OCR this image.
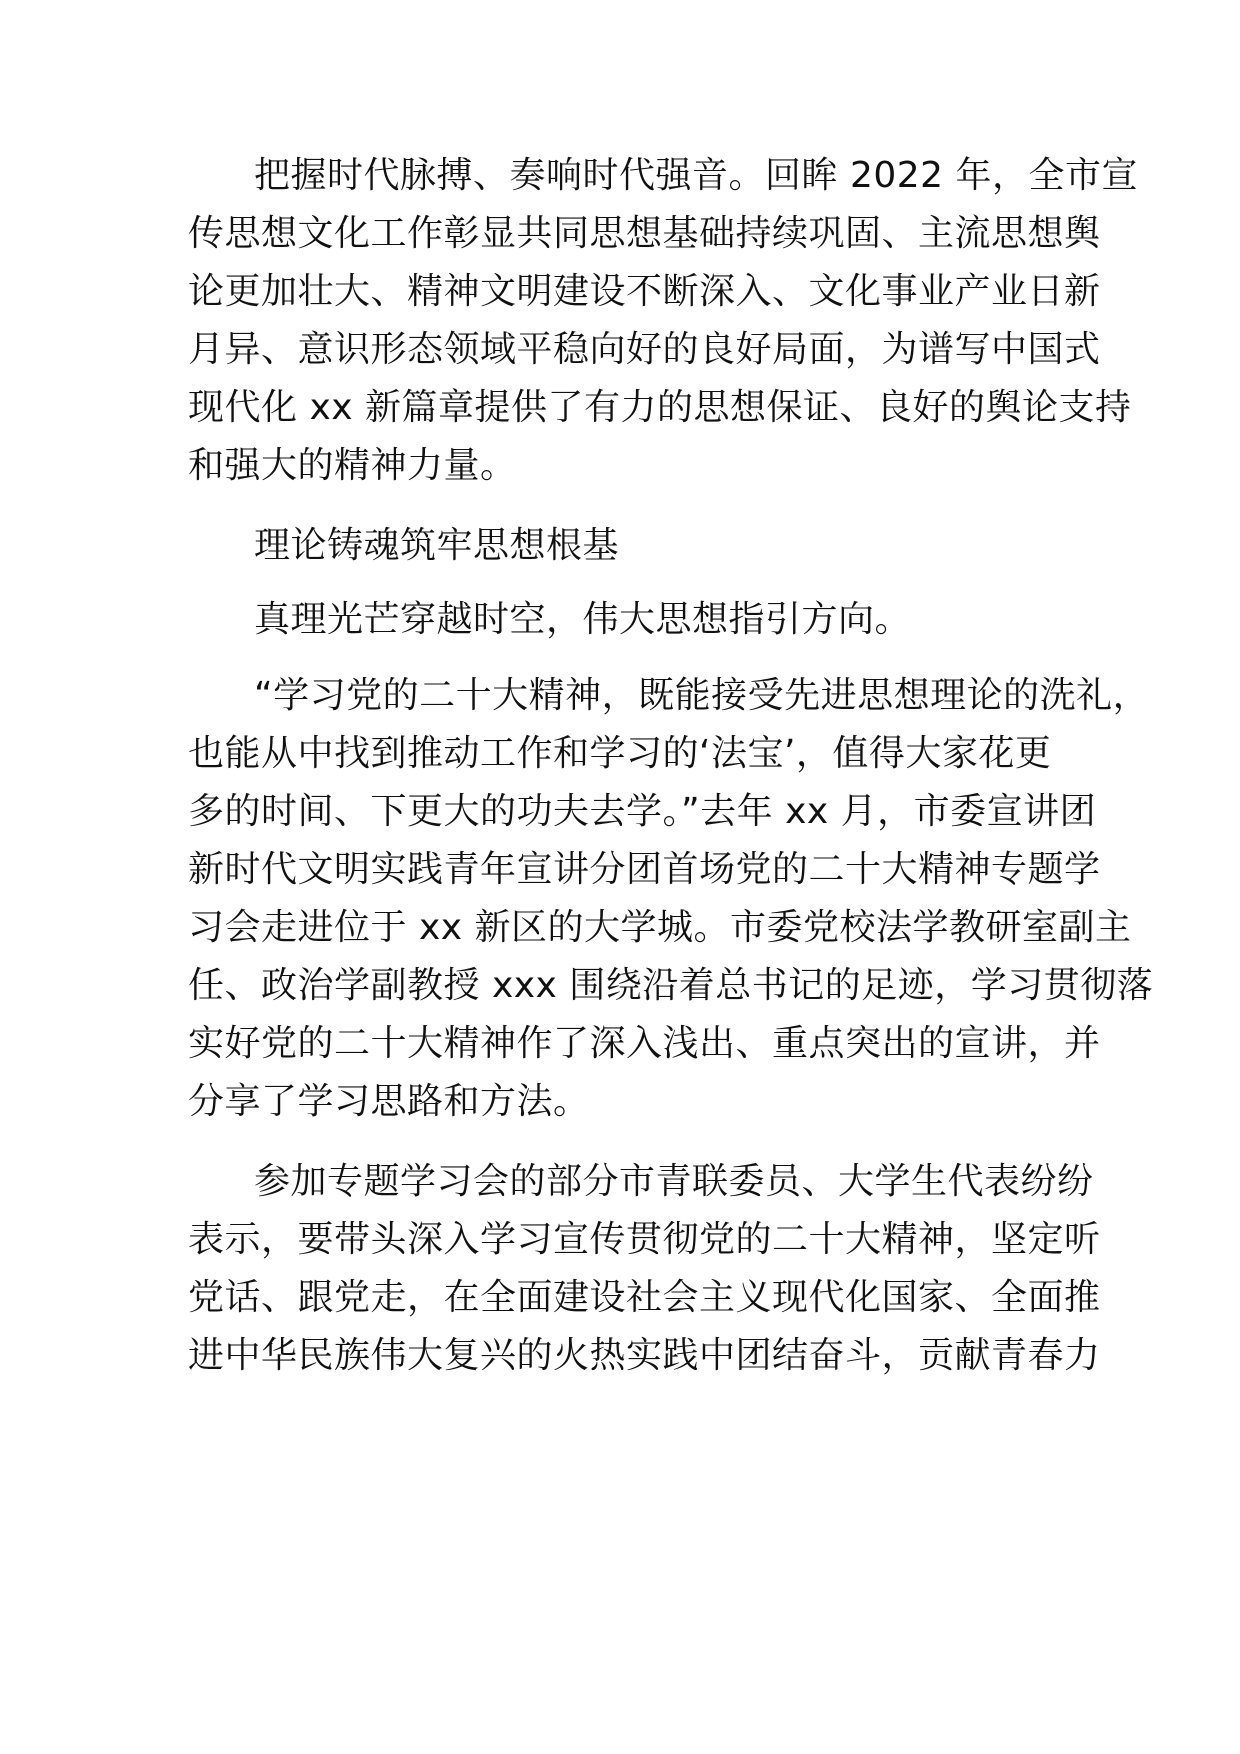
把握时代脉搏、奏响时代强音。回眸 2022 年，全市宣
传思想文化工作彰显共同思想基础持续巩固、主流思想舆
论更加壮大、精神文明建设不断深入、文化事业产业日新
月异、意识形态领域平稳向好的良好局面，为谱写中国式
现代化 xx 新篇章提供了有力的思想保证、良好的舆论支持
和强大的精神力量。
理论铸魂筑牢思想根基
真理光芒穿越时空，伟大思想指引方向。
“学习党的二十大精神，既能接受先进思想理论的洗礼，
也能从中找到推动工作和学习的‘法宝’，值得大家花更
多的时间、下更大的功夫去学。”去年 xx 月，市委宣讲团
新时代文明实践青年宣讲分团首场党的二十大精神专题学
习会走进位于 xx 新区的大学城。市委党校法学教研室副主
任、政治学副教授 xxx 围绕沿着总书记的足迹，学习贯彻落
实好党的二十大精神作了深入浅出、重点突出的宣讲，并
分享了学习思路和方法。
参加专题学习会的部分市青联委员、大学生代表纷纷
表示，要带头深入学习宣传贯彻党的二十大精神，坚定听
党话、跟党走，在全面建设社会主义现代化国家、全面推
进中华民族伟大复兴的火热实践中团结奋斗，贡献青春力
